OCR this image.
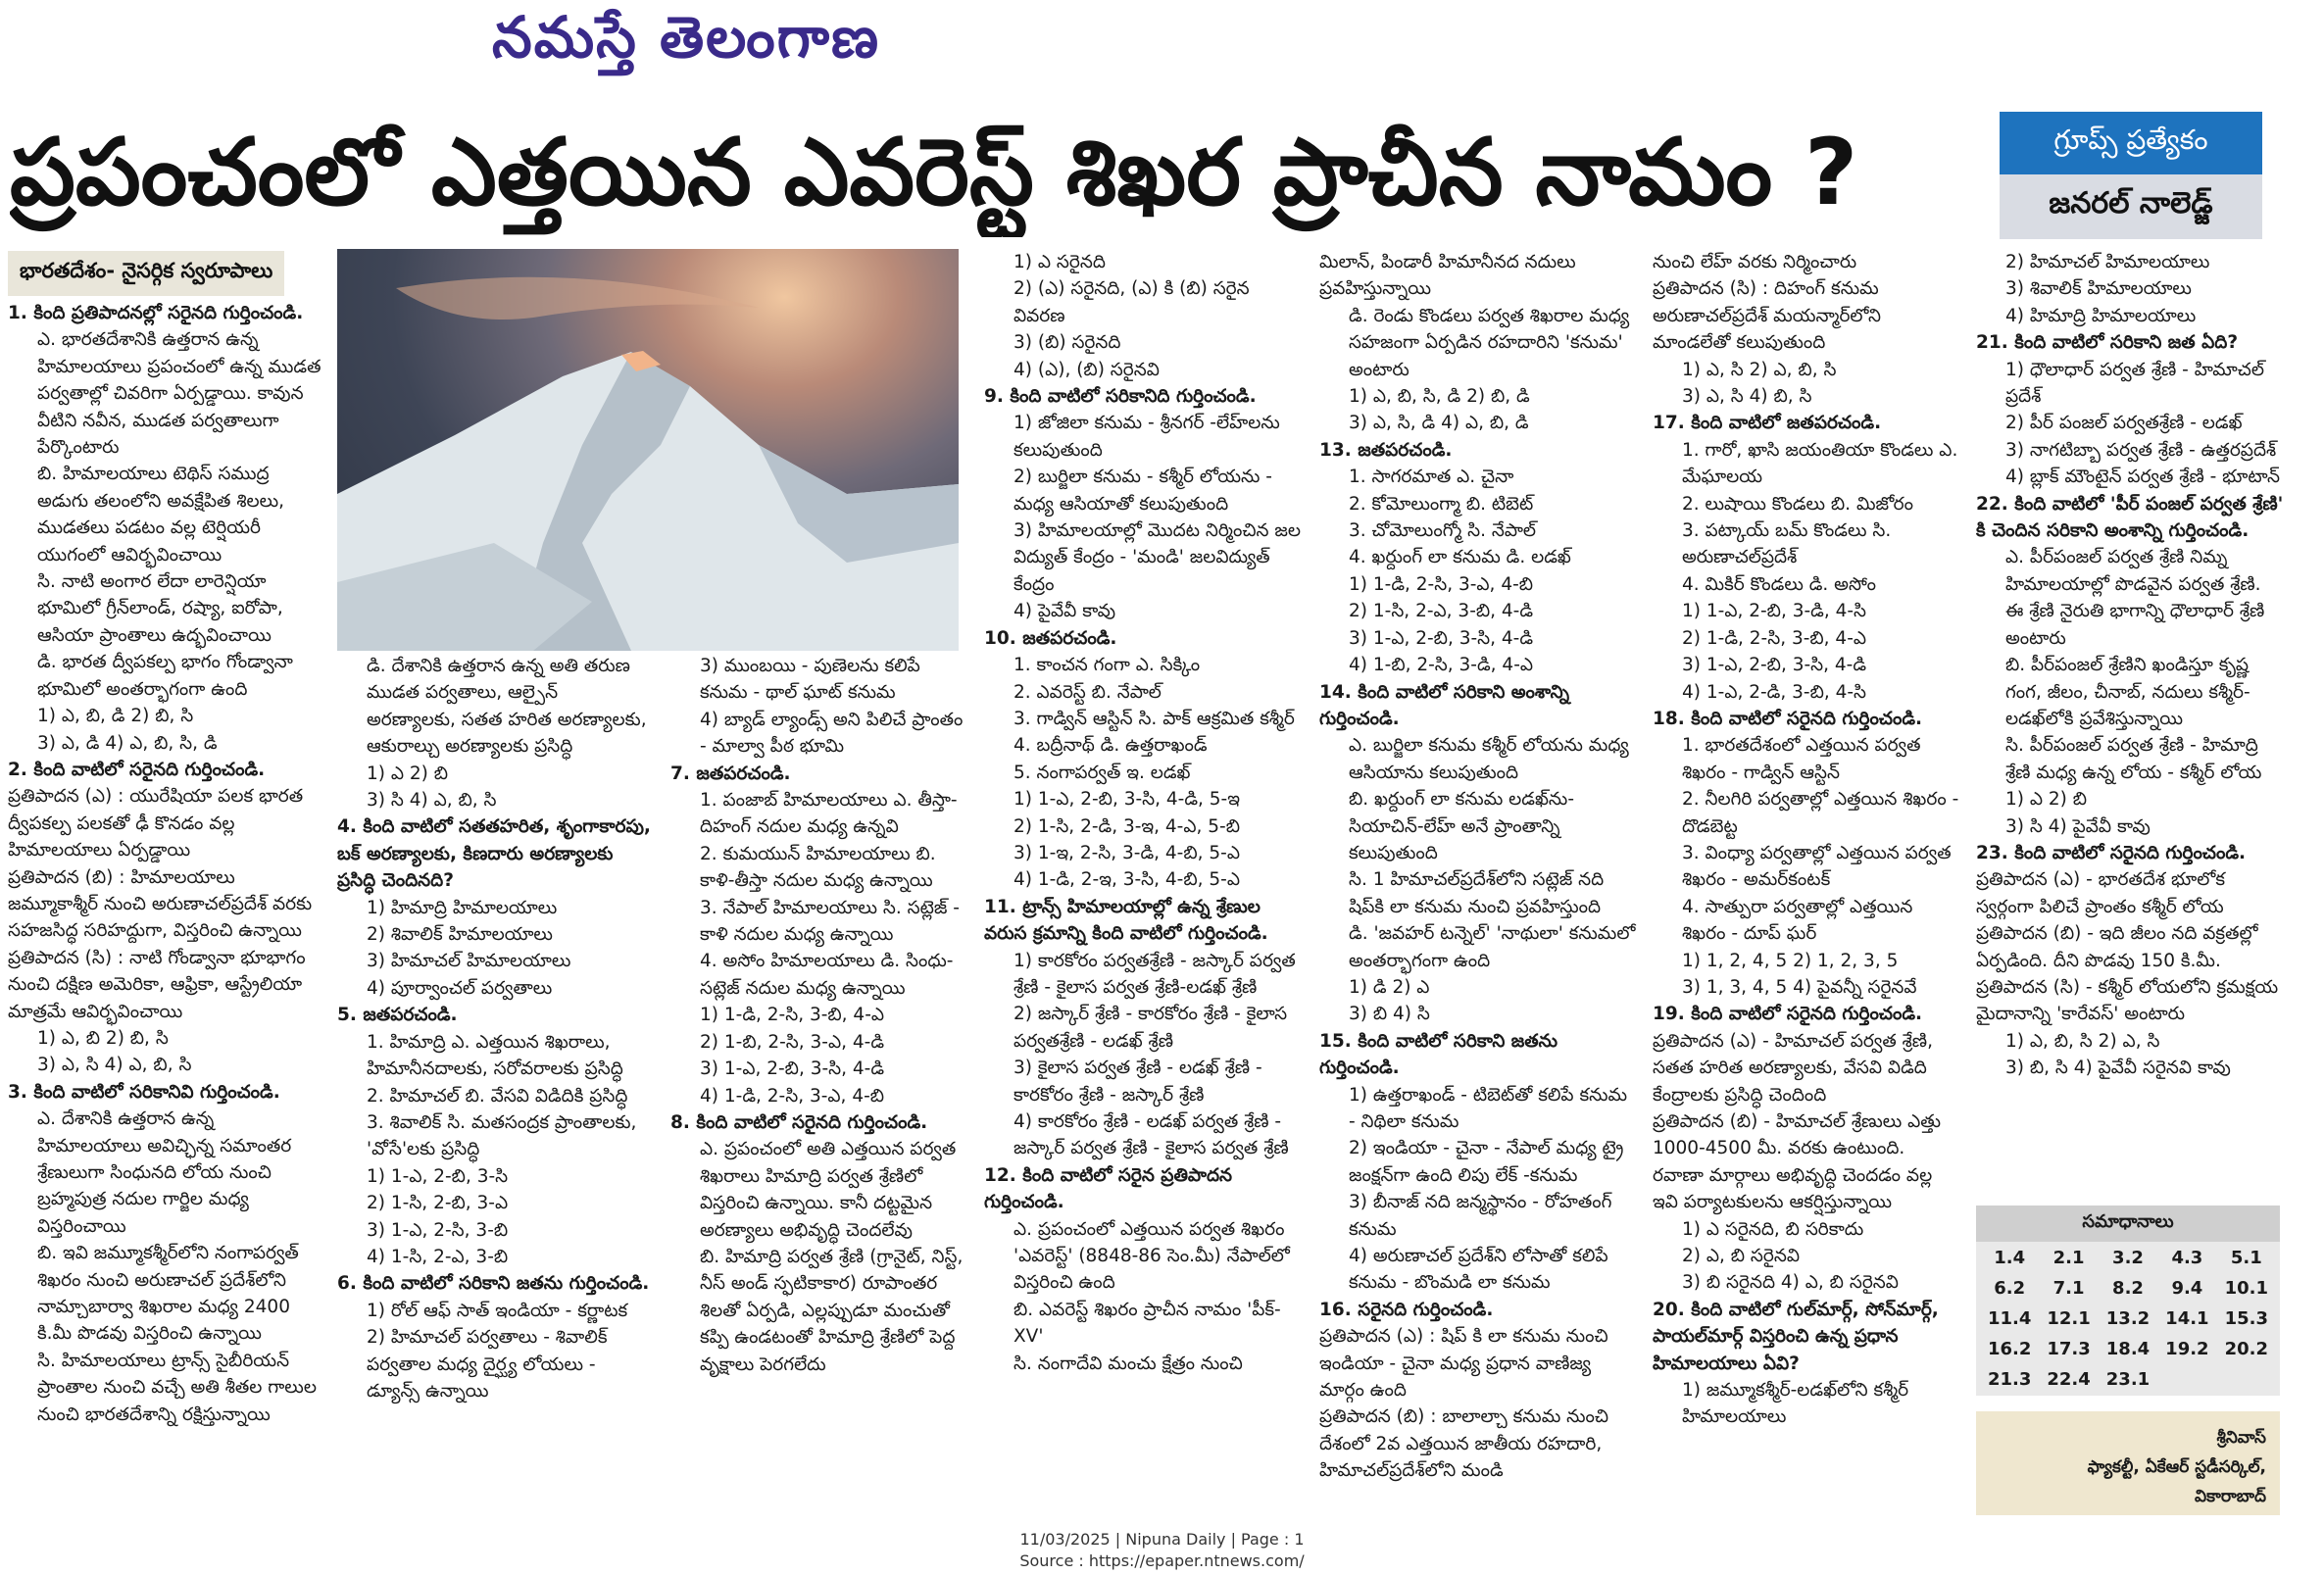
నమస్తే తెలంగాణ
ప్రపంచంలో ఎత్తయిన ఎవరెస్ట్ శిఖర ప్రాచీన నామం ?	గ్రూప్స్ ప్రత్యేకం
జనరల్ నాలెడ్జ్
భారతదేశం- నైసర్గిక స్వరూపాలు

1. కింది ప్రతిపాదనల్లో సరైనది గుర్తించండి.

ఎ. భారతదేశానికి ఉత్తరాన ఉన్న హిమాలయాలు ప్రపంచంలో ఉన్న ముడత పర్వతాల్లో చివరిగా ఏర్పడ్డాయి. కావున వీటిని నవీన, ముడత పర్వతాలుగా పేర్కొంటారు

బి. హిమాలయాలు టెథిస్ సముద్ర అడుగు తలంలోని అవక్షేపిత శిలలు, ముడతలు పడటం వల్ల టెర్షియరీ యుగంలో ఆవిర్భవించాయి

సి. నాటి అంగార లేదా లారెన్షియా భూమిలో గ్రీన్‌లాండ్, రష్యా, ఐరోపా, ఆసియా ప్రాంతాలు ఉద్భవించాయి

డి. భారత ద్వీపకల్ప భాగం గోండ్వానా భూమిలో అంతర్భాగంగా ఉంది

1) ఎ, బి, డి 2) బి, సి

3) ఎ, డి 4) ఎ, బి, సి, డి

2. కింది వాటిలో సరైనది గుర్తించండి.

ప్రతిపాదన (ఎ) : యురేషియా పలక భారత ద్వీపకల్ప పలకతో ఢీ కొనడం వల్ల హిమాలయాలు ఏర్పడ్డాయి

ప్రతిపాదన (బి) : హిమాలయాలు జమ్మూకాశ్మీర్ నుంచి అరుణాచల్‌ప్రదేశ్ వరకు సహజసిద్ధ సరిహద్దుగా, విస్తరించి ఉన్నాయి

ప్రతిపాదన (సి) : నాటి గోండ్వానా భూభాగం నుంచి దక్షిణ అమెరికా, ఆఫ్రికా, ఆస్ట్రేలియా మాత్రమే ఆవిర్భవించాయి

1) ఎ, బి 2) బి, సి

3) ఎ, సి 4) ఎ, బి, సి

3. కింది వాటిలో సరికానివి గుర్తించండి.

ఎ. దేశానికి ఉత్తరాన ఉన్న హిమాలయాలు అవిచ్ఛిన్న సమాంతర శ్రేణులుగా సింధునది లోయ నుంచి బ్రహ్మపుత్ర నదుల గార్జిల మధ్య విస్తరించాయి

బి. ఇవి జమ్మూకశ్మీర్‌లోని నంగాపర్వత్ శిఖరం నుంచి అరుణాచల్ ప్రదేశ్‌లోని నామ్చాబార్వా శిఖరాల మధ్య 2400 కి.మీ పొడవు విస్తరించి ఉన్నాయి

సి. హిమాలయాలు ట్రాన్స్ సైబీరియన్ ప్రాంతాల నుంచి వచ్చే అతి శీతల గాలుల నుంచి భారతదేశాన్ని రక్షిస్తున్నాయి

డి. దేశానికి ఉత్తరాన ఉన్న అతి తరుణ ముడత పర్వతాలు, ఆల్పైన్ అరణ్యాలకు, సతత హరిత అరణ్యాలకు, ఆకురాల్చు అరణ్యాలకు ప్రసిద్ధి

1) ఎ 2) బి

3) సి 4) ఎ, బి, సి

4. కింది వాటిలో సతతహరిత, శృంగాకారపు, బక్ అరణ్యాలకు, కిణదారు అరణ్యాలకు ప్రసిద్ధి చెందినది?

1) హిమాద్రి హిమాలయాలు

2) శివాలిక్ హిమాలయాలు

3) హిమాచల్ హిమాలయాలు

4) పూర్వాంచల్ పర్వతాలు

5. జతపరచండి.

1. హిమాద్రి ఎ. ఎత్తయిన శిఖరాలు, హిమానీనదాలకు, సరోవరాలకు ప్రసిద్ధి

2. హిమాచల్ బి. వేసవి విడిదికి ప్రసిద్ధి

3. శివాలిక్ సి. మతసంద్రక ప్రాంతాలకు, 'వోసే'లకు ప్రసిద్ధి

1) 1-ఎ, 2-బి, 3-సి

2) 1-సి, 2-బి, 3-ఎ

3) 1-ఎ, 2-సి, 3-బి

4) 1-సి, 2-ఎ, 3-బి

6. కింది వాటిలో సరికాని జతను గుర్తించండి.

1) రోల్ ఆఫ్ సాత్ ఇండియా - కర్ణాటక

2) హిమాచల్ పర్వతాలు - శివాలిక్ పర్వతాల మధ్య దైర్ఘ్య లోయలు - డ్యూన్స్ ఉన్నాయి

3) ముంబయి - పుణెలను కలిపే కనుమ - థాల్ ఘాట్ కనుమ

4) బ్యాడ్ ల్యాండ్స్ అని పిలిచే ప్రాంతం - మాల్వా పీఠ భూమి

7. జతపరచండి.

1. పంజాబ్ హిమాలయాలు ఎ. తీస్తా-దిహంగ్ నదుల మధ్య ఉన్నవి

2. కుమయున్ హిమాలయాలు బి. కాళి-తీస్తా నదుల మధ్య ఉన్నాయి

3. నేపాల్ హిమాలయాలు సి. సట్లెజ్ - కాళి నదుల మధ్య ఉన్నాయి

4. అసోం హిమాలయాలు డి. సింధు-సట్లెజ్ నదుల మధ్య ఉన్నాయి

1) 1-డి, 2-సి, 3-బి, 4-ఎ

2) 1-బి, 2-సి, 3-ఎ, 4-డి

3) 1-ఎ, 2-బి, 3-సి, 4-డి

4) 1-డి, 2-సి, 3-ఎ, 4-బి

8. కింది వాటిలో సరైనది గుర్తించండి.

ఎ. ప్రపంచంలో అతి ఎత్తయిన పర్వత శిఖరాలు హిమాద్రి పర్వత శ్రేణిలో విస్తరించి ఉన్నాయి. కానీ దట్టమైన అరణ్యాలు అభివృద్ధి చెందలేవు

బి. హిమాద్రి పర్వత శ్రేణి (గ్రానైట్, నిస్ట్, నీస్ అండ్ స్ఫటికాకార) రూపాంతర శిలతో ఏర్పడి, ఎల్లప్పుడూ మంచుతో కప్పి ఉండటంతో హిమాద్రి శ్రేణిలో పెద్ద వృక్షాలు పెరగలేదు

1) ఎ సరైనది

2) (ఎ) సరైనది, (ఎ) కి (బి) సరైన వివరణ

3) (బి) సరైనది

4) (ఎ), (బి) సరైనవి

9. కింది వాటిలో సరికానిది గుర్తించండి.

1) జోజిలా కనుమ - శ్రీనగర్ -లేహ్‌లను కలుపుతుంది

2) బుర్జిలా కనుమ - కశ్మీర్ లోయను - మధ్య ఆసియాతో కలుపుతుంది

3) హిమాలయాల్లో మొదట నిర్మించిన జల విద్యుత్ కేంద్రం - 'మండి' జలవిద్యుత్ కేంద్రం

4) పైవేవీ కావు

10. జతపరచండి.

1. కాంచన గంగా ఎ. సిక్కిం

2. ఎవరెస్ట్ బి. నేపాల్

3. గాడ్విన్ ఆస్టిన్ సి. పాక్ ఆక్రమిత కశ్మీర్

4. బద్రీనాథ్ డి. ఉత్తరాఖండ్

5. నంగాపర్వత్ ఇ. లడఖ్

1) 1-ఎ, 2-బి, 3-సి, 4-డి, 5-ఇ

2) 1-సి, 2-డి, 3-ఇ, 4-ఎ, 5-బి

3) 1-ఇ, 2-సి, 3-డి, 4-బి, 5-ఎ

4) 1-డి, 2-ఇ, 3-సి, 4-బి, 5-ఎ

11. ట్రాన్స్ హిమాలయాల్లో ఉన్న శ్రేణుల వరుస క్రమాన్ని కింది వాటిలో గుర్తించండి.

1) కారకోరం పర్వతశ్రేణి - జస్కార్ పర్వత శ్రేణి - కైలాస పర్వత శ్రేణి-లడఖ్ శ్రేణి

2) జస్కార్ శ్రేణి - కారకోరం శ్రేణి - కైలాస పర్వతశ్రేణి - లడఖ్ శ్రేణి

3) కైలాస పర్వత శ్రేణి - లడఖ్ శ్రేణి - కారకోరం శ్రేణి - జస్కార్ శ్రేణి

4) కారకోరం శ్రేణి - లడఖ్ పర్వత శ్రేణి - జస్కార్ పర్వత శ్రేణి - కైలాస పర్వత శ్రేణి

12. కింది వాటిలో సరైన ప్రతిపాదన గుర్తించండి.

ఎ. ప్రపంచంలో ఎత్తయిన పర్వత శిఖరం 'ఎవరెస్ట్' (8848-86 సెం.మీ) నేపాల్‌లో విస్తరించి ఉంది

బి. ఎవరెస్ట్ శిఖరం ప్రాచీన నామం 'పీక్-XV'

సి. నంగాదేవి మంచు క్షేత్రం నుంచి

మిలాన్, పిండారీ హిమానీనద నదులు ప్రవహిస్తున్నాయి

డి. రెండు కొండలు పర్వత శిఖరాల మధ్య సహజంగా ఏర్పడిన రహదారిని 'కనుమ' అంటారు

1) ఎ, బి, సి, డి 2) బి, డి

3) ఎ, సి, డి 4) ఎ, బి, డి

13. జతపరచండి.

1. సాగరమాత ఎ. చైనా

2. కోమోలుంగ్మా బి. టిబెట్

3. చోమోలుంగ్మో సి. నేపాల్

4. ఖర్దుంగ్ లా కనుమ డి. లడఖ్

1) 1-డి, 2-సి, 3-ఎ, 4-బి

2) 1-సి, 2-ఎ, 3-బి, 4-డి

3) 1-ఎ, 2-బి, 3-సి, 4-డి

4) 1-బి, 2-సి, 3-డి, 4-ఎ

14. కింది వాటిలో సరికాని అంశాన్ని గుర్తించండి.

ఎ. బుర్జిలా కనుమ కశ్మీర్ లోయను మధ్య ఆసియాను కలుపుతుంది

బి. ఖర్దుంగ్ లా కనుమ లడఖ్‌ను-సియాచిన్-లేహ్ అనే ప్రాంతాన్ని కలుపుతుంది

సి. 1 హిమాచల్‌ప్రదేశ్‌లోని సట్లెజ్ నది షిప్‌కి లా కనుమ నుంచి ప్రవహిస్తుంది

డి. 'జవహర్ టన్నెల్' 'నాథులా' కనుమలో అంతర్భాగంగా ఉంది

1) డి 2) ఎ

3) బి 4) సి

15. కింది వాటిలో సరికాని జతను గుర్తించండి.

1) ఉత్తరాఖండ్ - టిబెట్‌తో కలిపే కనుమ - నిథిలా కనుమ

2) ఇండియా - చైనా - నేపాల్ మధ్య ట్రై జంక్షన్‌గా ఉంది లిపు లేక్ -కనుమ

3) బీనాజ్ నది జన్మస్థానం - రోహతంగ్ కనుమ

4) అరుణాచల్ ప్రదేశ్‌ని లోసాతో కలిపే కనుమ - బొంమడి లా కనుమ

16. సరైనది గుర్తించండి.

ప్రతిపాదన (ఎ) : షిప్ కి లా కనుమ నుంచి ఇండియా - చైనా మధ్య ప్రధాన వాణిజ్య మార్గం ఉంది

ప్రతిపాదన (బి) : బాలాల్చా కనుమ నుంచి దేశంలో 2వ ఎత్తయిన జాతీయ రహదారి, హిమాచల్‌ప్రదేశ్‌లోని మండి

నుంచి లేహ్ వరకు నిర్మించారు

ప్రతిపాదన (సి) : దిహంగ్ కనుమ అరుణాచల్‌ప్రదేశ్ మయన్మార్‌లోని మాండలేతో కలుపుతుంది

1) ఎ, సి 2) ఎ, బి, సి

3) ఎ, సి 4) బి, సి

17. కింది వాటిలో జతపరచండి.

1. గారో, ఖాసి జయంతియా కొండలు ఎ. మేఘాలయ

2. లుషాయి కొండలు బి. మిజోరం

3. పట్కాయ్ బమ్ కొండలు సి. అరుణాచల్‌ప్రదేశ్

4. మికిర్ కొండలు డి. అసోం

1) 1-ఎ, 2-బి, 3-డి, 4-సి

2) 1-డి, 2-సి, 3-బి, 4-ఎ

3) 1-ఎ, 2-బి, 3-సి, 4-డి

4) 1-ఎ, 2-డి, 3-బి, 4-సి

18. కింది వాటిలో సరైనది గుర్తించండి.

1. భారతదేశంలో ఎత్తయిన పర్వత శిఖరం - గాడ్విన్ ఆస్టిన్

2. నీలగిరి పర్వతాల్లో ఎత్తయిన శిఖరం - దొడబెట్ట

3. వింధ్యా పర్వతాల్లో ఎత్తయిన పర్వత శిఖరం - అమర్‌కంటక్

4. సాత్పురా పర్వతాల్లో ఎత్తయిన శిఖరం - దూప్ ఘర్

1) 1, 2, 4, 5 2) 1, 2, 3, 5

3) 1, 3, 4, 5 4) పైవన్నీ సరైనవే

19. కింది వాటిలో సరైనది గుర్తించండి.

ప్రతిపాదన (ఎ) - హిమాచల్ పర్వత శ్రేణి, సతత హరిత అరణ్యాలకు, వేసవి విడిది కేంద్రాలకు ప్రసిద్ధి చెందింది

ప్రతిపాదన (బి) - హిమాచల్ శ్రేణులు ఎత్తు 1000-4500 మీ. వరకు ఉంటుంది. రవాణా మార్గాలు అభివృద్ధి చెందడం వల్ల ఇవి పర్యాటకులను ఆకర్షిస్తున్నాయి

1) ఎ సరైనది, బి సరికాదు

2) ఎ, బి సరైనవి

3) బి సరైనది 4) ఎ, బి సరైనవి

20. కింది వాటిలో గుల్‌మార్గ్, సోన్‌మార్గ్, పాయల్‌మార్గ్ విస్తరించి ఉన్న ప్రధాన హిమాలయాలు ఏవి?

1) జమ్మూకశ్మీర్-లడఖ్‌లోని కశ్మీర్ హిమాలయాలు

2) హిమాచల్ హిమాలయాలు

3) శివాలిక్ హిమాలయాలు

4) హిమాద్రి హిమాలయాలు

21. కింది వాటిలో సరికాని జత ఏది?

1) ధౌలాధార్ పర్వత శ్రేణి - హిమాచల్ ప్రదేశ్

2) పీర్ పంజల్ పర్వతశ్రేణి - లడఖ్

3) నాగటిబ్బా పర్వత శ్రేణి - ఉత్తరప్రదేశ్

4) బ్లాక్ మౌంటైన్ పర్వత శ్రేణి - భూటాన్

22. కింది వాటిలో 'పీర్ పంజల్ పర్వత శ్రేణి' కి చెందిన సరికాని అంశాన్ని గుర్తించండి.

ఎ. పీర్‌పంజల్ పర్వత శ్రేణి నిమ్న హిమాలయాల్లో పొడవైన పర్వత శ్రేణి. ఈ శ్రేణి నైరుతి భాగాన్ని ధౌలాధార్ శ్రేణి అంటారు

బి. పీర్‌పంజల్ శ్రేణిని ఖండిస్తూ కృష్ణ గంగ, జీలం, చీనాబ్, నదులు కశ్మీర్-లడఖ్‌లోకి ప్రవేశిస్తున్నాయి

సి. పీర్‌పంజల్ పర్వత శ్రేణి - హిమాద్రి శ్రేణి మధ్య ఉన్న లోయ - కశ్మీర్ లోయ

1) ఎ 2) బి

3) సి 4) పైవేవీ కావు

23. కింది వాటిలో సరైనది గుర్తించండి.

ప్రతిపాదన (ఎ) - భారతదేశ భూలోక స్వర్గంగా పిలిచే ప్రాంతం కశ్మీర్ లోయ

ప్రతిపాదన (బి) - ఇది జీలం నది వక్రతల్లో ఏర్పడింది. దీని పొడవు 150 కి.మీ.

ప్రతిపాదన (సి) - కశ్మీర్ లోయలోని క్రమక్షయ మైదానాన్ని 'కారేవస్' అంటారు

1) ఎ, బి, సి 2) ఎ, సి

3) బి, సి 4) పైవేవీ సరైనవి కావు

సమాధానాలు
1.4	2.1	3.2	4.3	5.1
6.2	7.1	8.2	9.4	10.1
11.4 12.1 13.2 14.1 15.3
16.2 17.3 18.4 19.2 20.2
21.3 22.4 23.1
శ్రీనివాస్
ఫ్యాకల్టీ, ఏకేఆర్ స్టడీసర్కిల్,
వికారాబాద్
11/03/2025 | Nipuna Daily | Page : 1
Source : https://epaper.ntnews.com/
